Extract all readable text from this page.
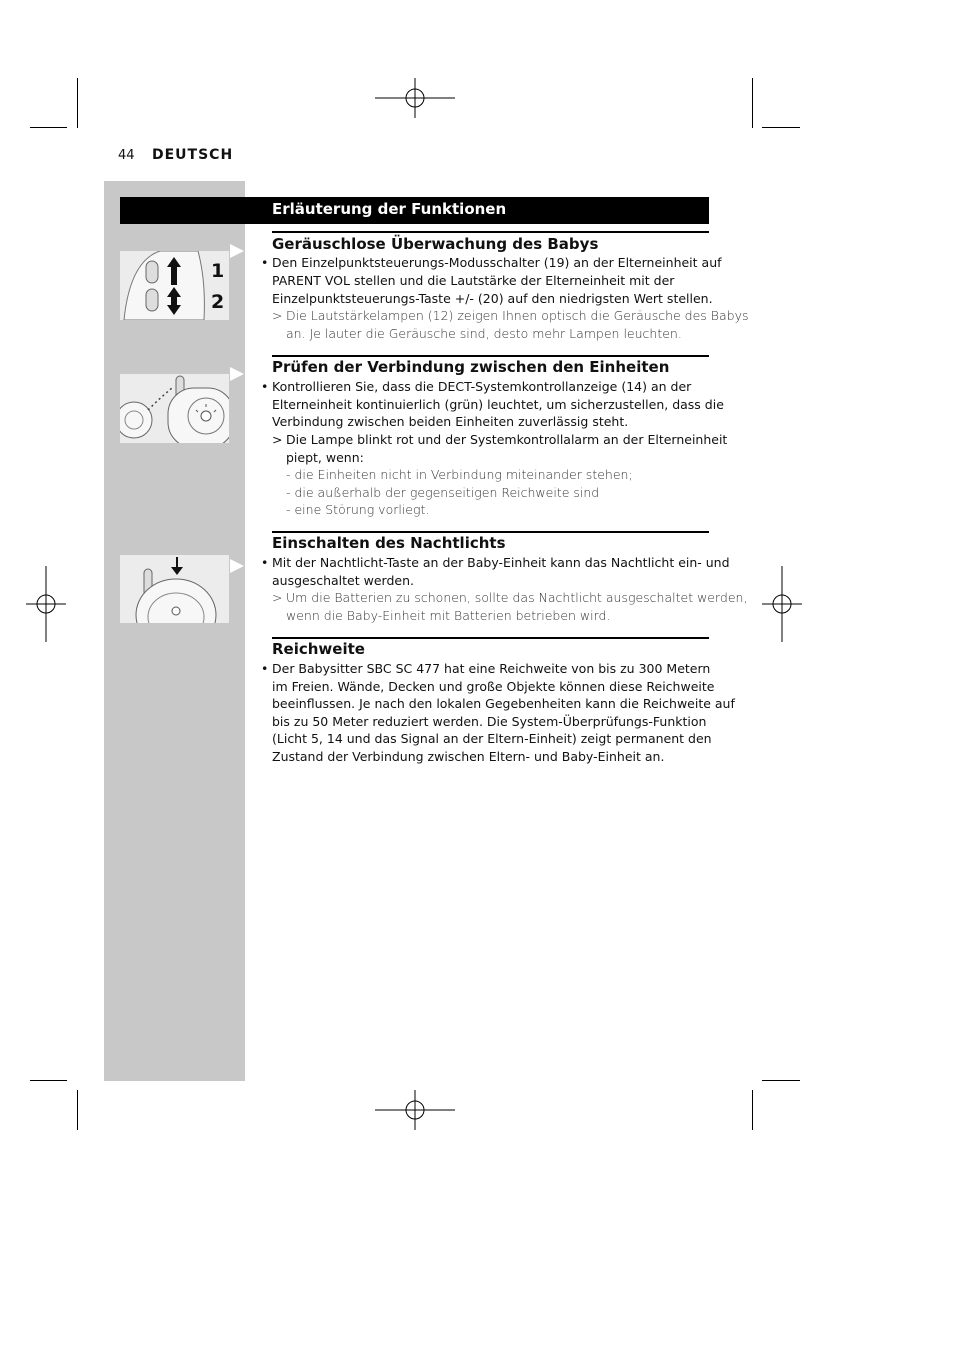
44 DEUTSCH
Erläuterung der Funktionen
1
2
Geräuschlose Überwachung des Babys
• Den Einzelpunktsteuerungs-Modusschalter (19) an der Elterneinheit auf
PARENT VOL stellen und die Lautstärke der Elterneinheit mit der
Einzelpunktsteuerungs-Taste +/- (20) auf den niedrigsten Wert stellen.
> Die Lautstärkelampen (12) zeigen Ihnen optisch die Geräusche des Babys
an. Je lauter die Geräusche sind, desto mehr Lampen leuchten.
Prüfen der Verbindung zwischen den Einheiten
• Kontrollieren Sie, dass die DECT-Systemkontrollanzeige (14) an der
Elterneinheit kontinuierlich (grün) leuchtet, um sicherzustellen, dass die
Verbindung zwischen beiden Einheiten zuverlässig steht.
> Die Lampe blinkt rot und der Systemkontrollalarm an der Elterneinheit
piept, wenn:
- die Einheiten nicht in Verbindung miteinander stehen;
- die außerhalb der gegenseitigen Reichweite sind
- eine Störung vorliegt.
Einschalten des Nachtlichts
• Mit der Nachtlicht-Taste an der Baby-Einheit kann das Nachtlicht ein- und
ausgeschaltet werden.
> Um die Batterien zu schonen, sollte das Nachtlicht ausgeschaltet werden,
wenn die Baby-Einheit mit Batterien betrieben wird.
Reichweite
• Der Babysitter SBC SC 477 hat eine Reichweite von bis zu 300 Metern
im Freien. Wände, Decken und große Objekte können diese Reichweite
beeinflussen. Je nach den lokalen Gegebenheiten kann die Reichweite auf
bis zu 50 Meter reduziert werden. Die System-Überprüfungs-Funktion
(Licht 5, 14 und das Signal an der Eltern-Einheit) zeigt permanent den
Zustand der Verbindung zwischen Eltern- und Baby-Einheit an.
